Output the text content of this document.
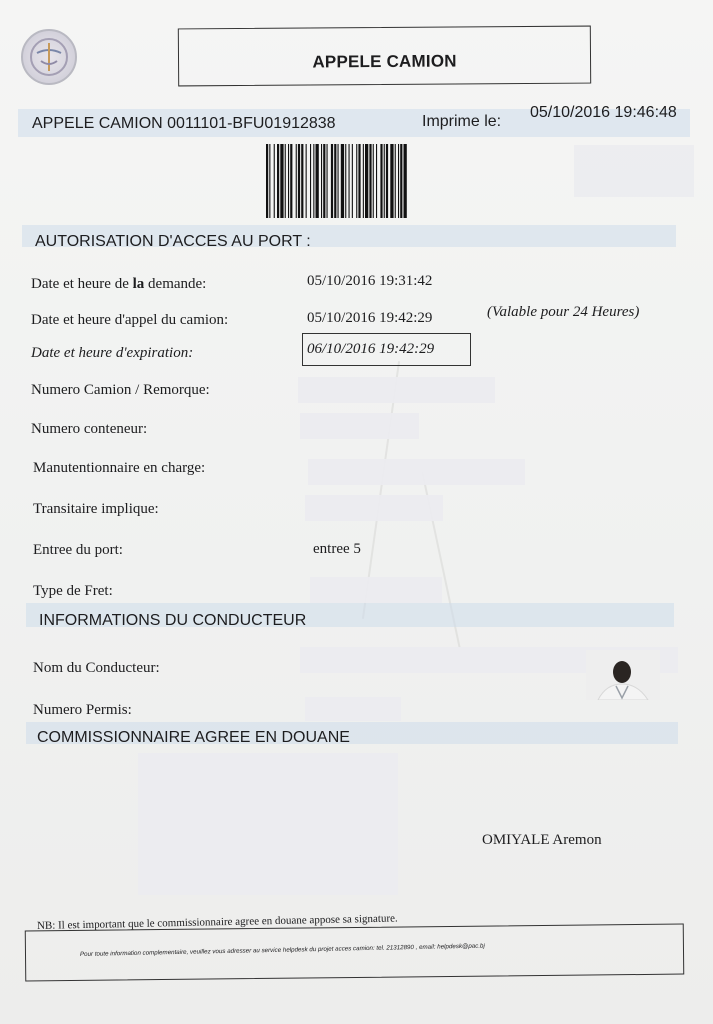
APPELE CAMION
APPELE CAMION 0011101-BFU01912838	Imprime le:
05/10/2016 19:46:48
AUTORISATION D'ACCES AU PORT :
Date et heure de la demande:	05/10/2016 19:31:42
Date et heure d'appel du camion:	05/10/2016 19:42:29	(Valable pour 24 Heures)
Date et heure d'expiration:	06/10/2016 19:42:29
Numero Camion / Remorque:
Numero conteneur:
Manutentionnaire en charge:
Transitaire implique:
Entree du port:	entree 5
Type de Fret:
INFORMATIONS DU CONDUCTEUR
Nom du Conducteur:
Numero Permis:
COMMISSIONNAIRE AGREE EN DOUANE
OMIYALE Aremon
NB: Il est important que le commissionnaire agree en douane appose sa signature.
Pour toute information complementaire, veuillez vous adresser au service helpdesk du projet acces camion: tel. 21312890 , email: helpdesk@pac.bj
